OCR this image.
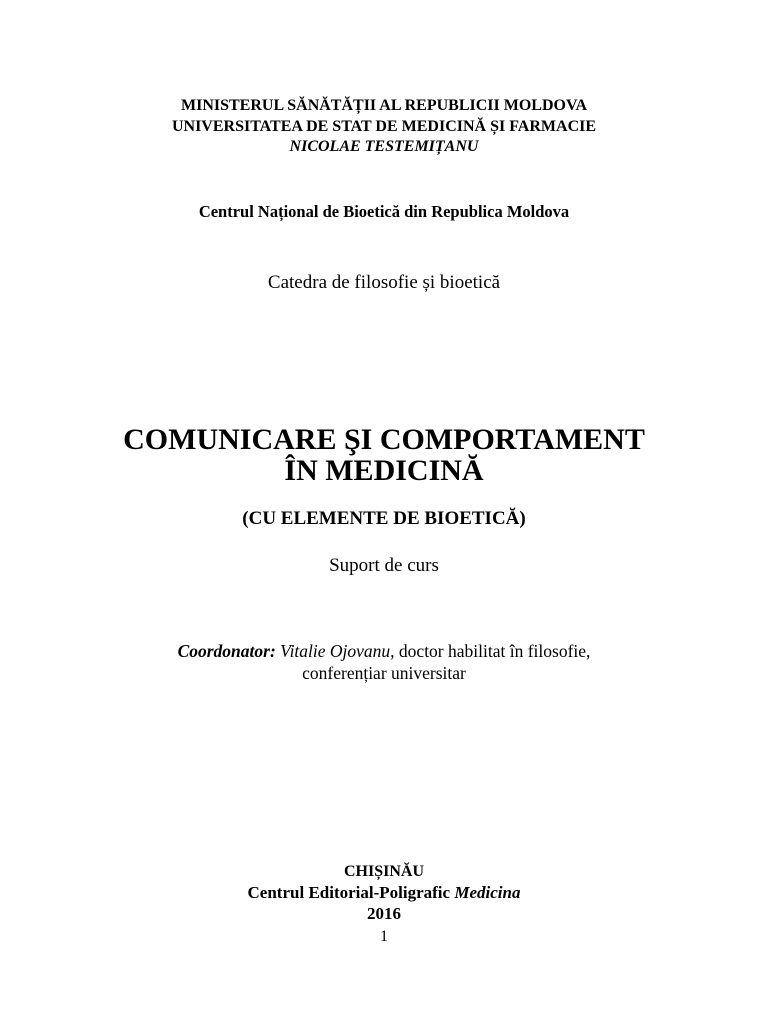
MINISTERUL SĂNĂTĂȚII AL REPUBLICII MOLDOVA
UNIVERSITATEA DE STAT DE MEDICINĂ ȘI FARMACIE
NICOLAE TESTEMIȚANU
Centrul Național de Bioetică din Republica Moldova
Catedra de filosofie și bioetică
COMUNICARE ŞI COMPORTAMENT
ÎN MEDICINĂ
(CU ELEMENTE DE BIOETICĂ)
Suport de curs
Coordonator: Vitalie Ojovanu, doctor habilitat în filosofie,
conferențiar universitar
CHIȘINĂU
Centrul Editorial-Poligrafic Medicina
2016
1
